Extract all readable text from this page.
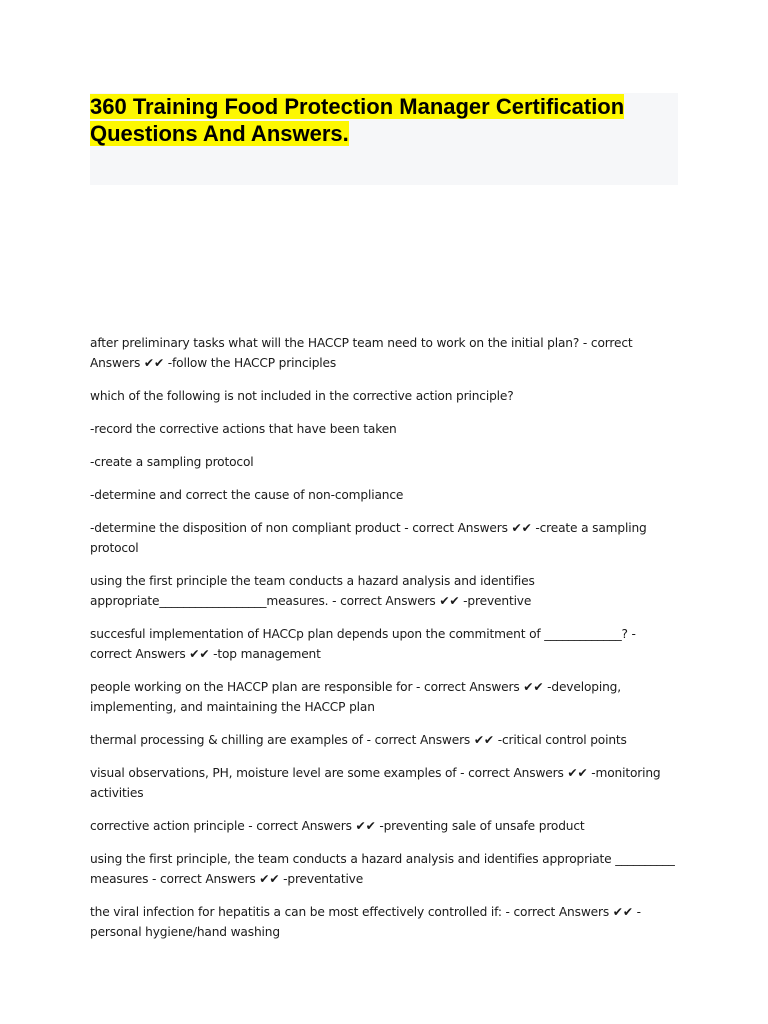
360 Training Food Protection Manager Certification Questions And Answers.

after preliminary tasks what will the HACCP team need to work on the initial plan? - correct Answers ✔✔ -follow the HACCP principles

which of the following is not included in the corrective action principle?

-record the corrective actions that have been taken

-create a sampling protocol

-determine and correct the cause of non-compliance

-determine the disposition of non compliant product - correct Answers ✔✔ -create a sampling protocol

using the first principle the team conducts a hazard analysis and identifies appropriate__________________measures. - correct Answers ✔✔ -preventive

succesful implementation of HACCp plan depends upon the commitment of _____________? - correct Answers ✔✔ -top management

people working on the HACCP plan are responsible for - correct Answers ✔✔ -developing, implementing, and maintaining the HACCP plan

thermal processing & chilling are examples of - correct Answers ✔✔ -critical control points

visual observations, PH, moisture level are some examples of - correct Answers ✔✔ -monitoring activities

corrective action principle - correct Answers ✔✔ -preventing sale of unsafe product

using the first principle, the team conducts a hazard analysis and identifies appropriate __________ measures - correct Answers ✔✔ -preventative

the viral infection for hepatitis a can be most effectively controlled if: - correct Answers ✔✔ -personal hygiene/hand washing
